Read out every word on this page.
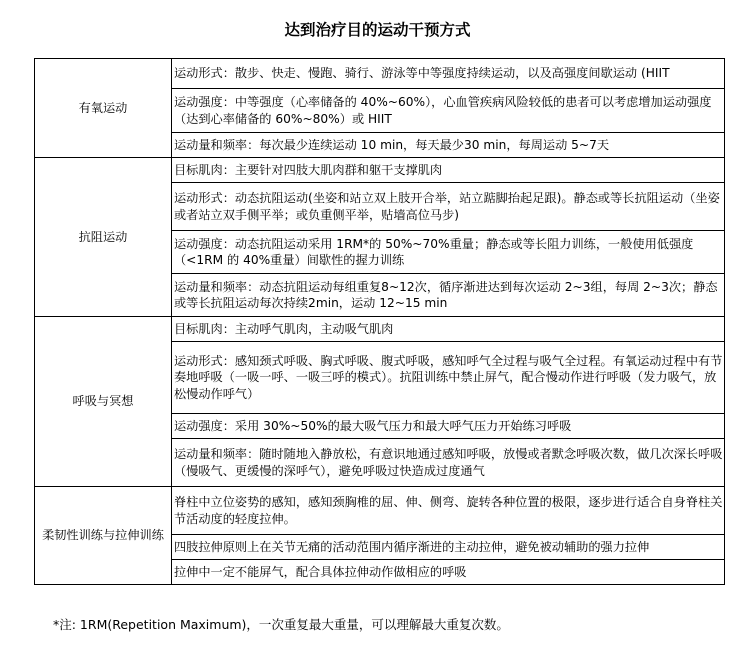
达到治疗目的运动干预方式
有氧运动	运动形式：散步、快走、慢跑、骑行、游泳等中等强度持续运动，以及高强度间歇运动 (HIIT
	运动强度：中等强度（心率储备的 40%~60%），心血管疾病风险较低的患者可以考虑增加运动强度（达到心率储备的 60%~80%）或 HIIT
	运动量和频率：每次最少连续运动 10 min，每天最少30 min，每周运动 5~7天
抗阻运动	目标肌肉：主要针对四肢大肌肉群和躯干支撑肌肉
	运动形式：动态抗阻运动(坐姿和站立双上肢开合举，站立踮脚抬起足跟)。静态或等长抗阻运动（坐姿或者站立双手侧平举；或负重侧平举，贴墙高位马步)
	运动强度：动态抗阻运动采用 1RM*的 50%~70%重量；静态或等长阻力训练，一般使用低强度（<1RM 的 40%重量）间歇性的握力训练
	运动量和频率：动态抗阻运动每组重复8~12次，循序渐进达到每次运动 2~3组，每周 2~3次；静态或等长抗阻运动每次持续2min，运动 12~15 min
呼吸与冥想	目标肌肉：主动呼气肌肉，主动吸气肌肉
	运动形式：感知颈式呼吸、胸式呼吸、腹式呼吸，感知呼气全过程与吸气全过程。有氧运动过程中有节奏地呼吸（一吸一呼、一吸三呼的模式）。抗阻训练中禁止屏气，配合慢动作进行呼吸（发力吸气，放松慢动作呼气）
	运动强度：采用 30%~50%的最大吸气压力和最大呼气压力开始练习呼吸
	运动量和频率：随时随地入静放松，有意识地通过感知呼吸，放慢或者默念呼吸次数，做几次深长呼吸（慢吸气、更缓慢的深呼气），避免呼吸过快造成过度通气
柔韧性训练与拉伸训练	脊柱中立位姿势的感知，感知颈胸椎的屈、伸、侧弯、旋转各种位置的极限，逐步进行适合自身脊柱关节活动度的轻度拉伸。
	四肢拉伸原则上在关节无痛的活动范围内循序渐进的主动拉伸，避免被动辅助的强力拉伸
	拉伸中一定不能屏气，配合具体拉伸动作做相应的呼吸
*注: 1RM(Repetition Maximum)，一次重复最大重量，可以理解最大重复次数。
